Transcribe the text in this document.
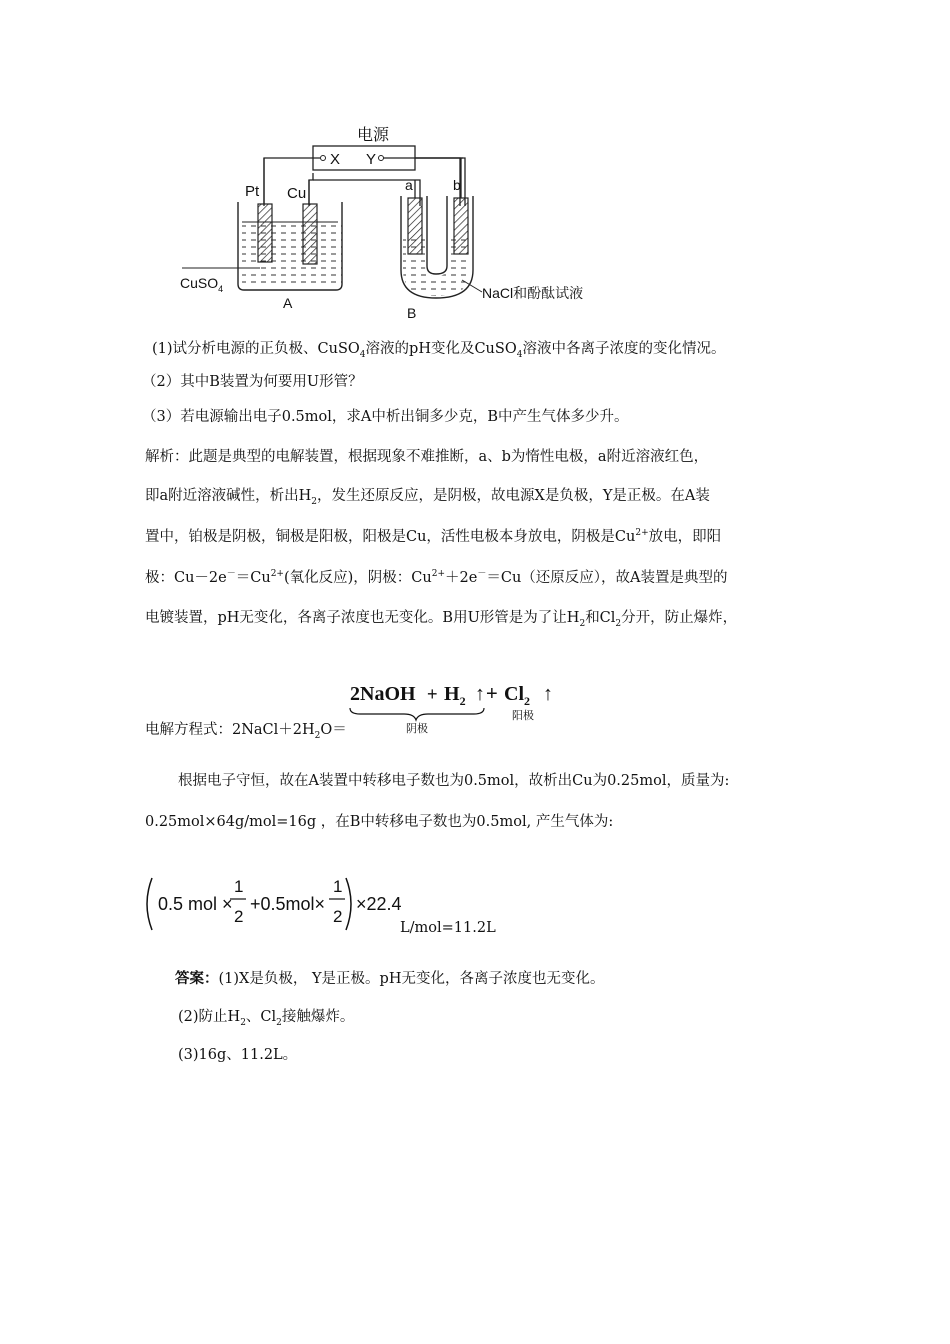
电源
X Y
Pt Cu
CuSO$_4$
A
a	b
NaCl和酚酞试液
B
(1)试分析电源的正负极、CuSO$_4$溶液的pH变化及CuSO$_4$溶液中各离子浓度的变化情况。
（2）其中B装置为何要用U形管？
（3）若电源输出电子0.5mol，求A中析出铜多少克，B中产生气体多少升。
解析：此题是典型的电解装置，根据现象不难推断，a、b为惰性电极，a附近溶液红色，
即a附近溶液碱性，析出$H_2$，发生还原反应，是阴极，故电源X是负极，Y是正极。在A装
置中，铂极是阴极，铜极是阳极，阳极是Cu，活性电极本身放电，阴极是$Cu^{2+}$放电，即阳
极：$Cu-2e^-=Cu^{2+}$(氧化反应)，阴极：$Cu^{2+}+2e^-=Cu$（还原反应），故A装置是典型的
电镀装置，pH无变化，各离子浓度也无变化。B用U形管是为了让$H_2$和$Cl_2$分开，防止爆炸，
电解方程式：$2NaCl+2H_2O=$
2NaOH + $H_2$ ↑ + $Cl_2$ ↑
阴极
阳极
根据电子守恒，故在A装置中转移电子数也为0.5mol，故析出Cu为0.25mol，质量为:
0.25mol×64g/mol=16g ，在B中转移电子数也为0.5mol, 产生气体为:
0.5 mol ×
1
2
+0.5mol×
1
2
×22.4
L/mol=11.2L
答案：(1)X是负极， Y是正极。pH无变化，各离子浓度也无变化。
(2)防止$H_2$、$Cl_2$接触爆炸。
(3)16g、11.2L。
